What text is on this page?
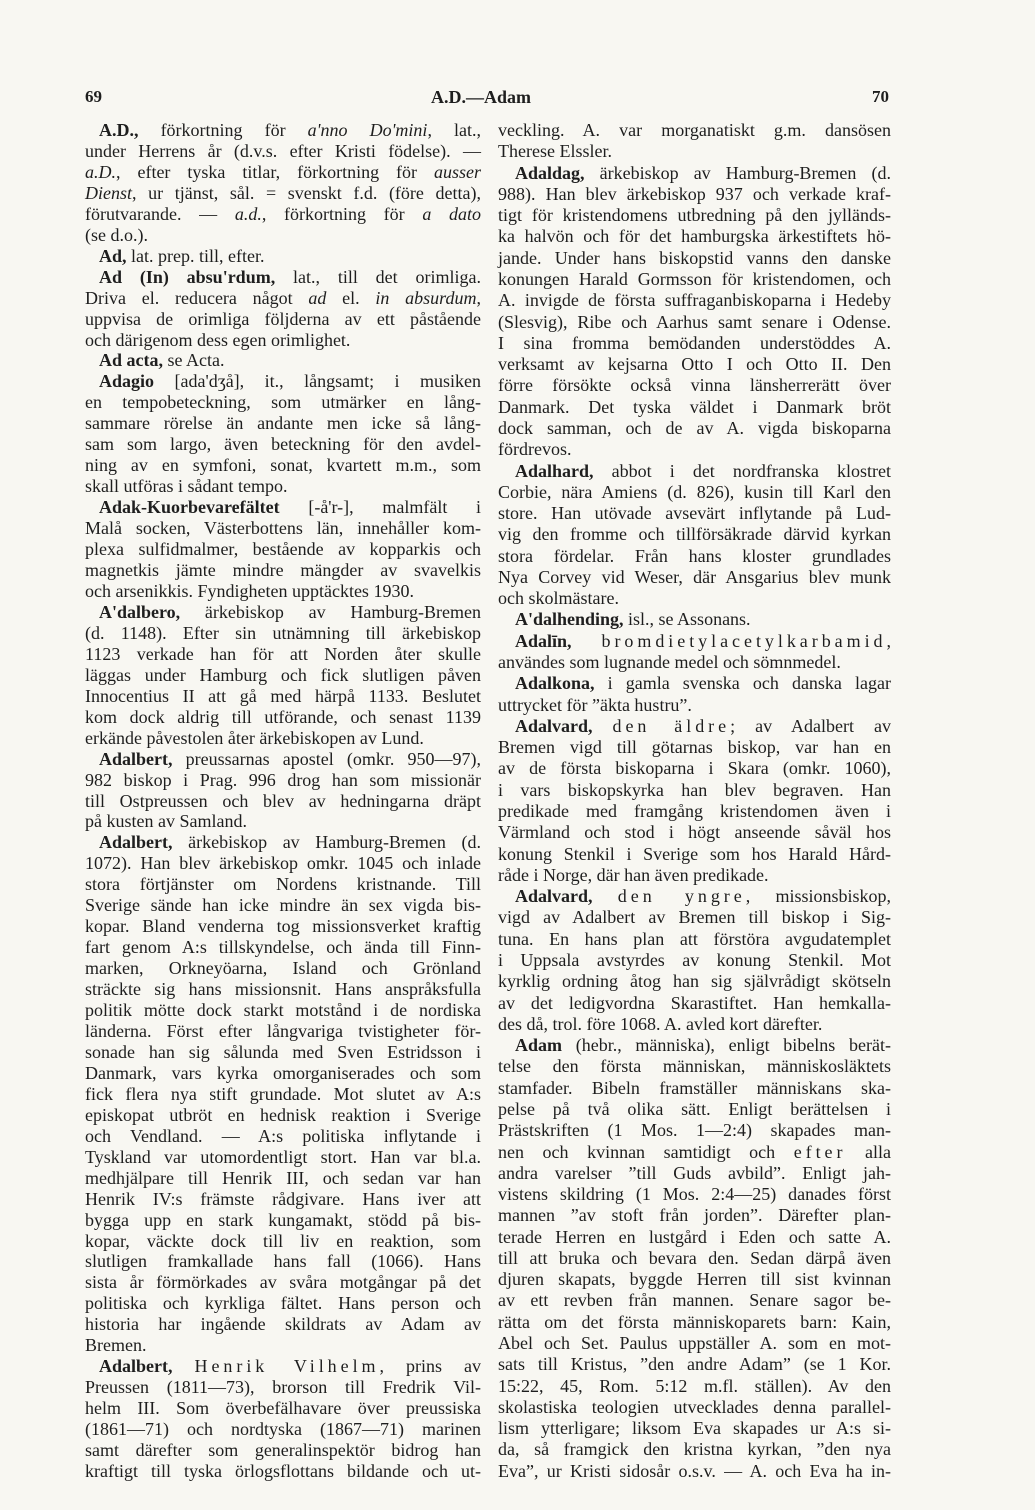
69	A.D.—Adam	70
A.D., förkortning för a'nno Do'mini, lat.,
under Herrens år (d.v.s. efter Kristi födelse). —
a.D., efter tyska titlar, förkortning för ausser
Dienst, ur tjänst, sål. = svenskt f.d. (före detta),
förutvarande. — a.d., förkortning för a dato
(se d.o.).
Ad, lat. prep. till, efter.
Ad (In) absu'rdum, lat., till det orimliga.
Driva el. reducera något ad el. in absurdum,
uppvisa de orimliga följderna av ett påstående
och därigenom dess egen orimlighet.
Ad acta, se Acta.
Adagio [ada'dʒå], it., långsamt; i musiken
en tempobeteckning, som utmärker en lång-
sammare rörelse än andante men icke så lång-
sam som largo, även beteckning för den avdel-
ning av en symfoni, sonat, kvartett m.m., som
skall utföras i sådant tempo.
Adak-Kuorbevarefältet [-å'r-], malmfält i
Malå socken, Västerbottens län, innehåller kom-
plexa sulfidmalmer, bestående av kopparkis och
magnetkis jämte mindre mängder av svavelkis
och arsenikkis. Fyndigheten upptäcktes 1930.
A'dalbero, ärkebiskop av Hamburg-Bremen
(d. 1148). Efter sin utnämning till ärkebiskop
1123 verkade han för att Norden åter skulle
läggas under Hamburg och fick slutligen påven
Innocentius II att gå med härpå 1133. Beslutet
kom dock aldrig till utförande, och senast 1139
erkände påvestolen åter ärkebiskopen av Lund.
Adalbert, preussarnas apostel (omkr. 950—97),
982 biskop i Prag. 996 drog han som missionär
till Ostpreussen och blev av hedningarna dräpt
på kusten av Samland.
Adalbert, ärkebiskop av Hamburg-Bremen (d.
1072). Han blev ärkebiskop omkr. 1045 och inlade
stora förtjänster om Nordens kristnande. Till
Sverige sände han icke mindre än sex vigda bis-
kopar. Bland venderna tog missionsverket kraftig
fart genom A:s tillskyndelse, och ända till Finn-
marken, Orkneyöarna, Island och Grönland
sträckte sig hans missionsnit. Hans anspråksfulla
politik mötte dock starkt motstånd i de nordiska
länderna. Först efter långvariga tvistigheter för-
sonade han sig sålunda med Sven Estridsson i
Danmark, vars kyrka omorganiserades och som
fick flera nya stift grundade. Mot slutet av A:s
episkopat utbröt en hednisk reaktion i Sverige
och Vendland. — A:s politiska inflytande i
Tyskland var utomordentligt stort. Han var bl.a.
medhjälpare till Henrik III, och sedan var han
Henrik IV:s främste rådgivare. Hans iver att
bygga upp en stark kungamakt, stödd på bis-
kopar, väckte dock till liv en reaktion, som
slutligen framkallade hans fall (1066). Hans
sista år förmörkades av svåra motgångar på det
politiska och kyrkliga fältet. Hans person och
historia har ingående skildrats av Adam av
Bremen.
Adalbert, Henrik Vilhelm, prins av
Preussen (1811—73), brorson till Fredrik Vil-
helm III. Som överbefälhavare över preussiska
(1861—71) och nordtyska (1867—71) marinen
samt därefter som generalinspektör bidrog han
kraftigt till tyska örlogsflottans bildande och ut-
veckling. A. var morganatiskt g.m. dansösen
Therese Elssler.
Adaldag, ärkebiskop av Hamburg-Bremen (d.
988). Han blev ärkebiskop 937 och verkade kraf-
tigt för kristendomens utbredning på den jylländs-
ka halvön och för det hamburgska ärkestiftets hö-
jande. Under hans biskopstid vanns den danske
konungen Harald Gormsson för kristendomen, och
A. invigde de första suffraganbiskoparna i Hedeby
(Slesvig), Ribe och Aarhus samt senare i Odense.
I sina fromma bemödanden understöddes A.
verksamt av kejsarna Otto I och Otto II. Den
förre försökte också vinna länsherrerätt över
Danmark. Det tyska väldet i Danmark bröt
dock samman, och de av A. vigda biskoparna
fördrevos.
Adalhard, abbot i det nordfranska klostret
Corbie, nära Amiens (d. 826), kusin till Karl den
store. Han utövade avsevärt inflytande på Lud-
vig den fromme och tillförsäkrade därvid kyrkan
stora fördelar. Från hans kloster grundlades
Nya Corvey vid Weser, där Ansgarius blev munk
och skolmästare.
A'dalhending, isl., se Assonans.
Adalīn, bromdietylacetylkarbamid,
användes som lugnande medel och sömnmedel.
Adalkona, i gamla svenska och danska lagar
uttrycket för ”äkta hustru”.
Adalvard, den äldre; av Adalbert av
Bremen vigd till götarnas biskop, var han en
av de första biskoparna i Skara (omkr. 1060),
i vars biskopskyrka han blev begraven. Han
predikade med framgång kristendomen även i
Värmland och stod i högt anseende såväl hos
konung Stenkil i Sverige som hos Harald Hård-
råde i Norge, där han även predikade.
Adalvard, den yngre, missionsbiskop,
vigd av Adalbert av Bremen till biskop i Sig-
tuna. En hans plan att förstöra avgudatemplet
i Uppsala avstyrdes av konung Stenkil. Mot
kyrklig ordning åtog han sig självrådigt skötseln
av det ledigvordna Skarastiftet. Han hemkalla-
des då, trol. före 1068. A. avled kort därefter.
Adam (hebr., människa), enligt bibelns berät-
telse den första människan, människosläktets
stamfader. Bibeln framställer människans ska-
pelse på två olika sätt. Enligt berättelsen i
Prästskriften (1 Mos. 1—2:4) skapades man-
nen och kvinnan samtidigt och efter alla
andra varelser ”till Guds avbild”. Enligt jah-
vistens skildring (1 Mos. 2:4—25) danades först
mannen ”av stoft från jorden”. Därefter plan-
terade Herren en lustgård i Eden och satte A.
till att bruka och bevara den. Sedan därpå även
djuren skapats, byggde Herren till sist kvinnan
av ett revben från mannen. Senare sagor be-
rätta om det första människoparets barn: Kain,
Abel och Set. Paulus uppställer A. som en mot-
sats till Kristus, ”den andre Adam” (se 1 Kor.
15:22, 45, Rom. 5:12 m.fl. ställen). Av den
skolastiska teologien utvecklades denna parallel-
lism ytterligare; liksom Eva skapades ur A:s si-
da, så framgick den kristna kyrkan, ”den nya
Eva”, ur Kristi sidosår o.s.v. — A. och Eva ha in-
